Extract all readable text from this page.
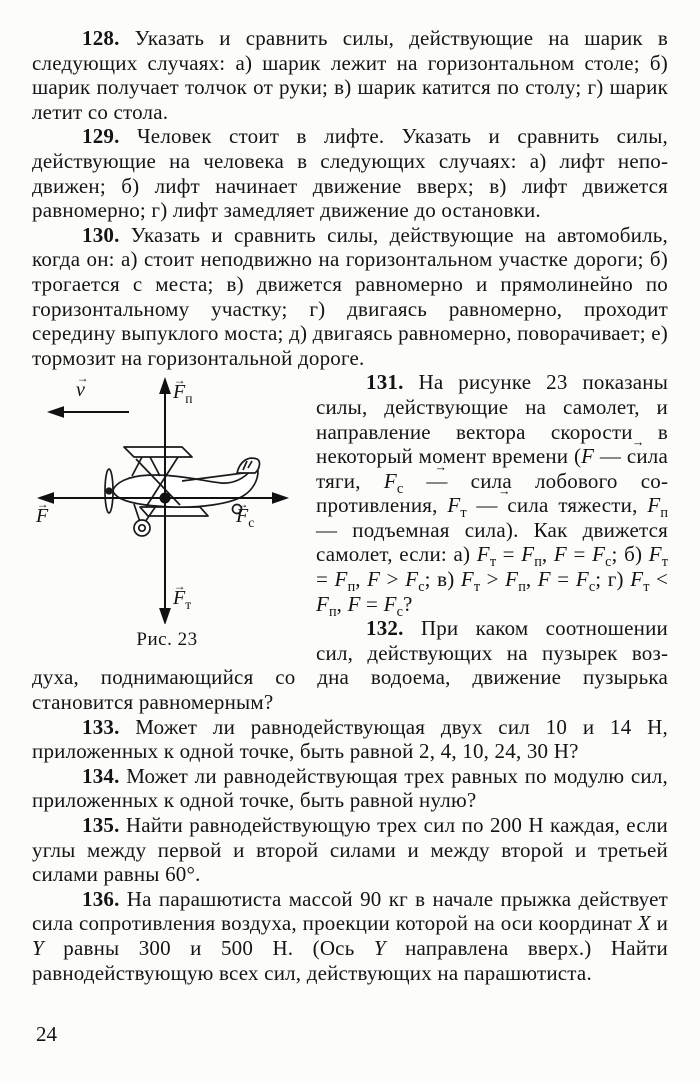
128. Указать и сравнить силы, действующие на шарик в следующих случаях: а) шарик лежит на горизонтальном столе; б) шарик получает толчок от руки; в) шарик катится по столу; г) шарик летит со стола.

129. Человек стоит в лифте. Указать и сравнить силы, действующие на человека в следующих случаях: а) лифт неподвижен; б) лифт начинает движение вверх; в) лифт движется равномерно; г) лифт замедляет движение до остановки.

130. Указать и сравнить силы, действующие на автомобиль, когда он: а) стоит неподвижно на горизонтальном участке дороги; б) трогается с места; в) движется равномерно и прямолинейно по горизонтальному участку; г) двигаясь равномерно, проходит середину выпуклого моста; д) двигаясь равномерно, поворачивает; е) тормозит на горизонтальной дороге.

v →	$F \to_п$
$F \to_т$
F →	$F \to_с$
Рис. 23

131. На рисунке 23 показаны силы, действующие на самолет, и направление вектора скорости в некоторый момент времени (F → — сила тяги, $F \to_с$ — сила лобового сопротивления, $F \to_т$ — сила тяжести, $F \to_п$ — подъемная сила). Как движется самолет, если: а) $F_т = F_п$, $F = F_с$; б) $F_т = F_п$, $F > F_с$; в) $F_т > F_п$, $F = F_с$; г) $F_т < F_п$, $F = F_с$?

132. При каком соотношении сил, действующих на пузырек воздуха, поднимающийся со дна водоема, движение пузырька становится равномерным?

133. Может ли равнодействующая двух сил 10 и 14 Н, приложенных к одной точке, быть равной 2, 4, 10, 24, 30 Н?

134. Может ли равнодействующая трех равных по модулю сил, приложенных к одной точке, быть равной нулю?

135. Найти равнодействующую трех сил по 200 Н каждая, если углы между первой и второй силами и между второй и третьей силами равны 60°.

136. На парашютиста массой 90 кг в начале прыжка действует сила сопротивления воздуха, проекции которой на оси координат X и Y равны 300 и 500 Н. (Ось Y направлена вверх.) Найти равнодействующую всех сил, действующих на парашютиста.

24
